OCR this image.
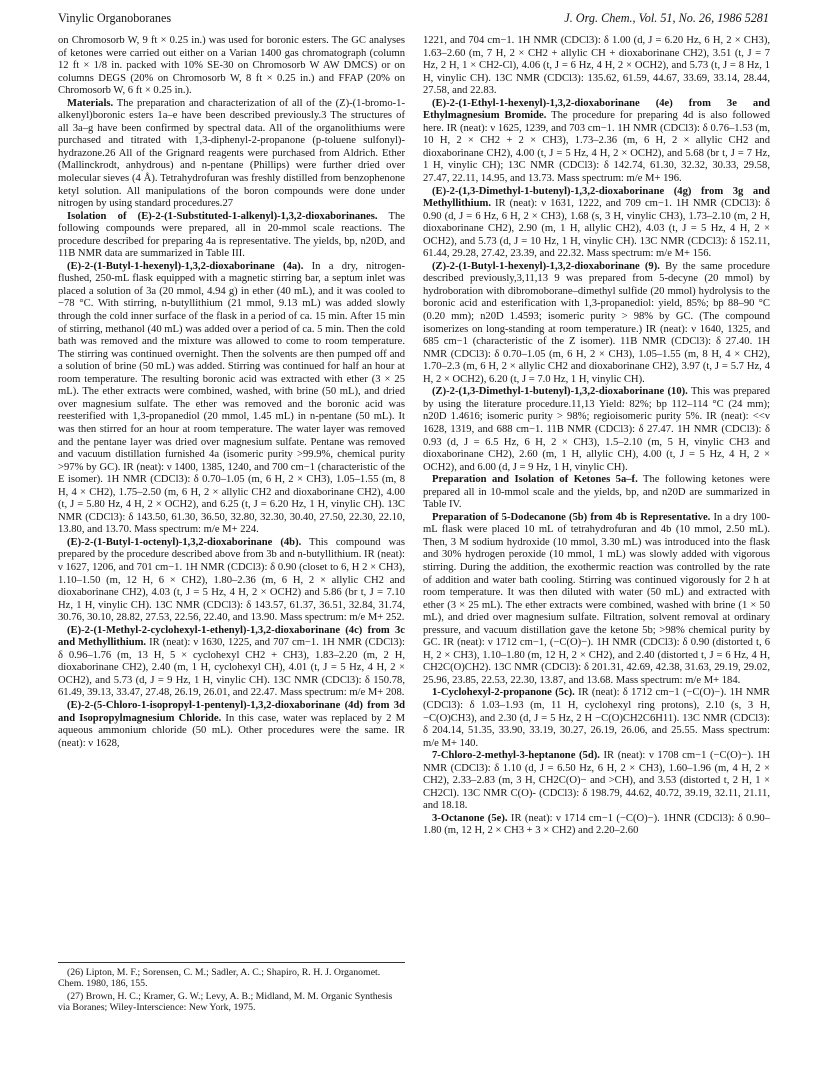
Vinylic Organoboranes	J. Org. Chem., Vol. 51, No. 26, 1986 5281

on Chromosorb W, 9 ft × 0.25 in.) was used for boronic esters. The GC analyses of ketones were carried out either on a Varian 1400 gas chromatograph (column 12 ft × 1/8 in. packed with 10% SE-30 on Chromosorb W AW DMCS) or on columns DEGS (20% on Chromosorb W, 8 ft × 0.25 in.) and FFAP (20% on Chromosorb W, 6 ft × 0.25 in.).

Materials. The preparation and characterization of all of the (Z)-(1-bromo-1-alkenyl)boronic esters 1a–e have been described previously.3 The structures of all 3a–g have been confirmed by spectral data. All of the organolithiums were purchased and titrated with 1,3-diphenyl-2-propanone (p-toluene sulfonyl)-hydrazone.26 All of the Grignard reagents were purchased from Aldrich. Ether (Mallinckrodt, anhydrous) and n-pentane (Phillips) were further dried over molecular sieves (4 Å). Tetrahydrofuran was freshly distilled from benzophenone ketyl solution. All manipulations of the boron compounds were done under nitrogen by using standard procedures.27

Isolation of (E)-2-(1-Substituted-1-alkenyl)-1,3,2-dioxaborinanes. The following compounds were prepared, all in 20-mmol scale reactions. The procedure described for preparing 4a is representative. The yields, bp, n20D, and 11B NMR data are summarized in Table III.

(E)-2-(1-Butyl-1-hexenyl)-1,3,2-dioxaborinane (4a). In a dry, nitrogen-flushed, 250-mL flask equipped with a magnetic stirring bar, a septum inlet was placed a solution of 3a (20 mmol, 4.94 g) in ether (40 mL), and it was cooled to −78 °C. With stirring, n-butyllithium (21 mmol, 9.13 mL) was added slowly through the cold inner surface of the flask in a period of ca. 15 min. After 15 min of stirring, methanol (40 mL) was added over a period of ca. 5 min. Then the cold bath was removed and the mixture was allowed to come to room temperature. The stirring was continued overnight. Then the solvents are then pumped off and a solution of brine (50 mL) was added. Stirring was continued for half an hour at room temperature. The resulting boronic acid was extracted with ether (3 × 25 mL). The ether extracts were combined, washed, with brine (50 mL), and dried over magnesium sulfate. The ether was removed and the boronic acid was reesterified with 1,3-propanediol (20 mmol, 1.45 mL) in n-pentane (50 mL). It was then stirred for an hour at room temperature. The water layer was removed and the pentane layer was dried over magnesium sulfate. Pentane was removed and vacuum distillation furnished 4a (isomeric purity >99.9%, chemical purity >97% by GC). IR (neat): ν 1400, 1385, 1240, and 700 cm−1 (characteristic of the E isomer). 1H NMR (CDCl3): δ 0.70–1.05 (m, 6 H, 2 × CH3), 1.05–1.55 (m, 8 H, 4 × CH2), 1.75–2.50 (m, 6 H, 2 × allylic CH2 and dioxaborinane CH2), 4.00 (t, J = 5.80 Hz, 4 H, 2 × OCH2), and 6.25 (t, J = 6.20 Hz, 1 H, vinylic CH). 13C NMR (CDCl3): δ 143.50, 61.30, 36.50, 32.80, 32.30, 30.40, 27.50, 22.30, 22.10, 13.80, and 13.70. Mass spectrum: m/e M+ 224.

(E)-2-(1-Butyl-1-octenyl)-1,3,2-dioxaborinane (4b). This compound was prepared by the procedure described above from 3b and n-butyllithium. IR (neat): ν 1627, 1206, and 701 cm−1. 1H NMR (CDCl3): δ 0.90 (closet to 6, H 2 × CH3), 1.10–1.50 (m, 12 H, 6 × CH2), 1.80–2.36 (m, 6 H, 2 × allylic CH2 and dioxaborinane CH2), 4.03 (t, J = 5 Hz, 4 H, 2 × OCH2) and 5.86 (br t, J = 7.10 Hz, 1 H, vinylic CH). 13C NMR (CDCl3): δ 143.57, 61.37, 36.51, 32.84, 31.74, 30.76, 30.10, 28.82, 27.53, 22.56, 22.40, and 13.90. Mass spectrum: m/e M+ 252.

(E)-2-(1-Methyl-2-cyclohexyl-1-ethenyl)-1,3,2-dioxaborinane (4c) from 3c and Methyllithium. IR (neat): ν 1630, 1225, and 707 cm−1. 1H NMR (CDCl3): δ 0.96–1.76 (m, 13 H, 5 × cyclohexyl CH2 + CH3), 1.83–2.20 (m, 2 H, dioxaborinane CH2), 2.40 (m, 1 H, cyclohexyl CH), 4.01 (t, J = 5 Hz, 4 H, 2 × OCH2), and 5.73 (d, J = 9 Hz, 1 H, vinylic CH). 13C NMR (CDCl3): δ 150.78, 61.49, 39.13, 33.47, 27.48, 26.19, 26.01, and 22.47. Mass spectrum: m/e M+ 208.

(E)-2-(5-Chloro-1-isopropyl-1-pentenyl)-1,3,2-dioxaborinane (4d) from 3d and Isopropylmagnesium Chloride. In this case, water was replaced by 2 M aqueous ammonium chloride (50 mL). Other procedures were the same. IR (neat): ν 1628,

1221, and 704 cm−1. 1H NMR (CDCl3): δ 1.00 (d, J = 6.20 Hz, 6 H, 2 × CH3), 1.63–2.60 (m, 7 H, 2 × CH2 + allylic CH + dioxaborinane CH2), 3.51 (t, J = 7 Hz, 2 H, 1 × CH2-Cl), 4.06 (t, J = 6 Hz, 4 H, 2 × OCH2), and 5.73 (t, J = 8 Hz, 1 H, vinylic CH). 13C NMR (CDCl3): 135.62, 61.59, 44.67, 33.69, 33.14, 28.44, 27.58, and 22.83.

(E)-2-(1-Ethyl-1-hexenyl)-1,3,2-dioxaborinane (4e) from 3e and Ethylmagnesium Bromide. The procedure for preparing 4d is also followed here. IR (neat): ν 1625, 1239, and 703 cm−1. 1H NMR (CDCl3): δ 0.76–1.53 (m, 10 H, 2 × CH2 + 2 × CH3), 1.73–2.36 (m, 6 H, 2 × allylic CH2 and dioxaborinane CH2), 4.00 (t, J = 5 Hz, 4 H, 2 × OCH2), and 5.68 (br t, J = 7 Hz, 1 H, vinylic CH); 13C NMR (CDCl3): δ 142.74, 61.30, 32.32, 30.33, 29.58, 27.47, 22.11, 14.95, and 13.73. Mass spectrum: m/e M+ 196.

(E)-2-(1,3-Dimethyl-1-butenyl)-1,3,2-dioxaborinane (4g) from 3g and Methyllithium. IR (neat): ν 1631, 1222, and 709 cm−1. 1H NMR (CDCl3): δ 0.90 (d, J = 6 Hz, 6 H, 2 × CH3), 1.68 (s, 3 H, vinylic CH3), 1.73–2.10 (m, 2 H, dioxaborinane CH2), 2.90 (m, 1 H, allylic CH2), 4.03 (t, J = 5 Hz, 4 H, 2 × OCH2), and 5.73 (d, J = 10 Hz, 1 H, vinylic CH). 13C NMR (CDCl3): δ 152.11, 61.44, 29.28, 27.42, 23.39, and 22.32. Mass spectrum: m/e M+ 156.

(Z)-2-(1-Butyl-1-hexenyl)-1,3,2-dioxaborinane (9). By the same procedure described previously,3,11,13 9 was prepared from 5-decyne (20 mmol) by hydroboration with dibromoborane–dimethyl sulfide (20 mmol) hydrolysis to the boronic acid and esterification with 1,3-propanediol: yield, 85%; bp 88–90 °C (0.20 mm); n20D 1.4593; isomeric purity > 98% by GC. (The compound isomerizes on long-standing at room temperature.) IR (neat): ν 1640, 1325, and 685 cm−1 (characteristic of the Z isomer). 11B NMR (CDCl3): δ 27.40. 1H NMR (CDCl3): δ 0.70–1.05 (m, 6 H, 2 × CH3), 1.05–1.55 (m, 8 H, 4 × CH2), 1.70–2.3 (m, 6 H, 2 × allylic CH2 and dioxaborinane CH2), 3.97 (t, J = 5.7 Hz, 4 H, 2 × OCH2), 6.20 (t, J = 7.0 Hz, 1 H, vinylic CH).

(Z)-2-(1,3-Dimethyl-1-butenyl)-1,3,2-dioxaborinane (10). This was prepared by using the literature procedure.11,13 Yield: 82%; bp 112–114 °C (24 mm); n20D 1.4616; isomeric purity > 98%; regioisomeric purity 5%. IR (neat): <<v 1628, 1319, and 688 cm−1. 11B NMR (CDCl3): δ 27.47. 1H NMR (CDCl3): δ 0.93 (d, J = 6.5 Hz, 6 H, 2 × CH3), 1.5–2.10 (m, 5 H, vinylic CH3 and dioxaborinane CH2), 2.60 (m, 1 H, allylic CH), 4.00 (t, J = 5 Hz, 4 H, 2 × OCH2), and 6.00 (d, J = 9 Hz, 1 H, vinylic CH).

Preparation and Isolation of Ketones 5a–f. The following ketones were prepared all in 10-mmol scale and the yields, bp, and n20D are summarized in Table IV.

Preparation of 5-Dodecanone (5b) from 4b is Representative. In a dry 100-mL flask were placed 10 mL of tetrahydrofuran and 4b (10 mmol, 2.50 mL). Then, 3 M sodium hydroxide (10 mmol, 3.30 mL) was introduced into the flask and 30% hydrogen peroxide (10 mmol, 1 mL) was slowly added with vigorous stirring. During the addition, the exothermic reaction was controlled by the rate of addition and water bath cooling. Stirring was continued vigorously for 2 h at room temperature. It was then diluted with water (50 mL) and extracted with ether (3 × 25 mL). The ether extracts were combined, washed with brine (1 × 50 mL), and dried over magnesium sulfate. Filtration, solvent removal at ordinary pressure, and vacuum distillation gave the ketone 5b; >98% chemical purity by GC. IR (neat): ν 1712 cm−1, (−C(O)−). 1H NMR (CDCl3): δ 0.90 (distorted t, 6 H, 2 × CH3), 1.10–1.80 (m, 12 H, 2 × CH2), and 2.40 (distorted t, J = 6 Hz, 4 H, CH2C(O)CH2). 13C NMR (CDCl3): δ 201.31, 42.69, 42.38, 31.63, 29.19, 29.02, 25.96, 23.85, 22.53, 22.30, 13.87, and 13.68. Mass spectrum: m/e M+ 184.

1-Cyclohexyl-2-propanone (5c). IR (neat): δ 1712 cm−1 (−C(O)−). 1H NMR (CDCl3): δ 1.03–1.93 (m, 11 H, cyclohexyl ring protons), 2.10 (s, 3 H, −C(O)CH3), and 2.30 (d, J = 5 Hz, 2 H −C(O)CH2C6H11). 13C NMR (CDCl3): δ 204.14, 51.35, 33.90, 33.19, 30.27, 26.19, 26.06, and 25.55. Mass spectrum: m/e M+ 140.

7-Chloro-2-methyl-3-heptanone (5d). IR (neat): ν 1708 cm−1 (−C(O)−). 1H NMR (CDCl3): δ 1.10 (d, J = 6.50 Hz, 6 H, 2 × CH3), 1.60–1.96 (m, 4 H, 2 × CH2), 2.33–2.83 (m, 3 H, CH2C(O)− and >CH), and 3.53 (distorted t, 2 H, 1 × CH2Cl). 13C NMR C(O)- (CDCl3): δ 198.79, 44.62, 40.72, 39.19, 32.11, 21.11, and 18.18.

3-Octanone (5e). IR (neat): ν 1714 cm−1 (−C(O)−). 1HNR (CDCl3): δ 0.90–1.80 (m, 12 H, 2 × CH3 + 3 × CH2) and 2.20–2.60

(26) Lipton, M. F.; Sorensen, C. M.; Sadler, A. C.; Shapiro, R. H. J. Organomet. Chem. 1980, 186, 155.

(27) Brown, H. C.; Kramer, G. W.; Levy, A. B.; Midland, M. M. Organic Synthesis via Boranes; Wiley-Interscience: New York, 1975.
